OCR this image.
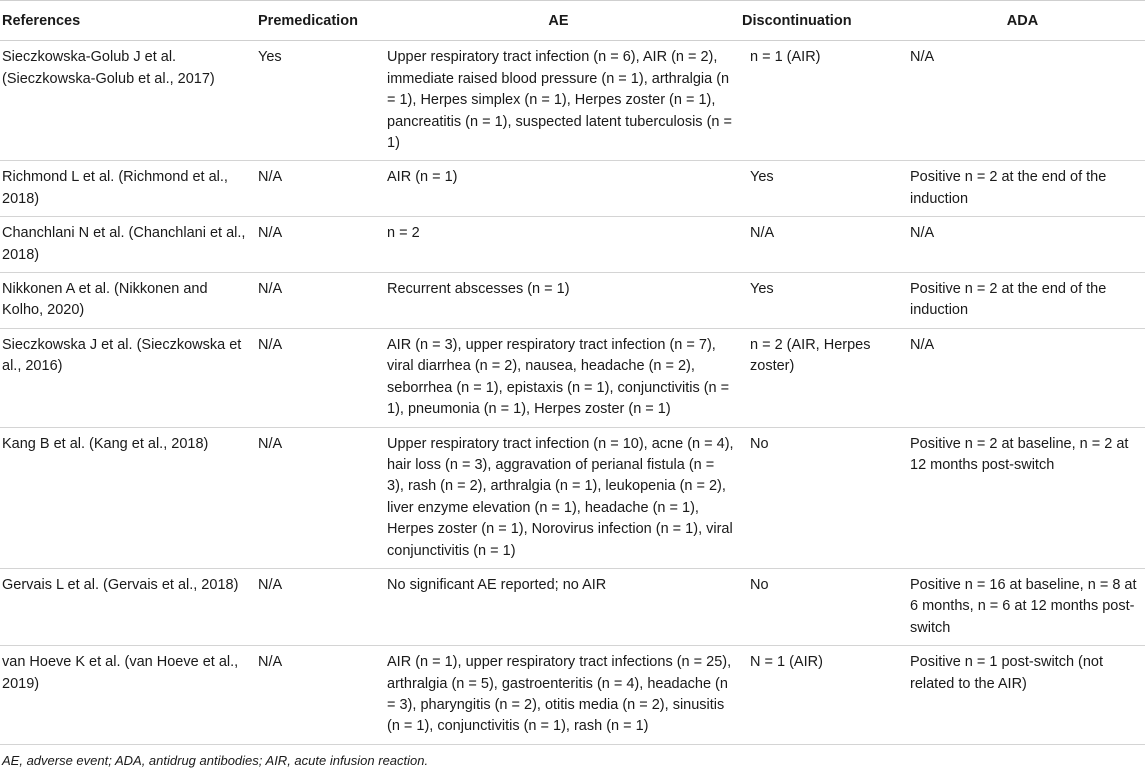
References	Premedication	AE	Discontinuation	ADA
Sieczkowska-Golub J et al. (Sieczkowska-Golub et al., 2017)	Yes	Upper respiratory tract infection (n = 6), AIR (n = 2), immediate raised blood pressure (n = 1), arthralgia (n = 1), Herpes simplex (n = 1), Herpes zoster (n = 1), pancreatitis (n = 1), suspected latent tuberculosis (n = 1)	n = 1 (AIR)	N/A
Richmond L et al. (Richmond et al., 2018)	N/A	AIR (n = 1)	Yes	Positive n = 2 at the end of the induction
Chanchlani N et al. (Chanchlani et al., 2018)	N/A	n = 2	N/A	N/A
Nikkonen A et al. (Nikkonen and Kolho, 2020)	N/A	Recurrent abscesses (n = 1)	Yes	Positive n = 2 at the end of the induction
Sieczkowska J et al. (Sieczkowska et al., 2016)	N/A	AIR (n = 3), upper respiratory tract infection (n = 7), viral diarrhea (n = 2), nausea, headache (n = 2), seborrhea (n = 1), epistaxis (n = 1), conjunctivitis (n = 1), pneumonia (n = 1), Herpes zoster (n = 1)	n = 2 (AIR, Herpes zoster)	N/A
Kang B et al. (Kang et al., 2018)	N/A	Upper respiratory tract infection (n = 10), acne (n = 4), hair loss (n = 3), aggravation of perianal fistula (n = 3), rash (n = 2), arthralgia (n = 1), leukopenia (n = 2), liver enzyme elevation (n = 1), headache (n = 1), Herpes zoster (n = 1), Norovirus infection (n = 1), viral conjunctivitis (n = 1)	No	Positive n = 2 at baseline, n = 2 at 12 months post-switch
Gervais L et al. (Gervais et al., 2018)	N/A	No significant AE reported; no AIR	No	Positive n = 16 at baseline, n = 8 at 6 months, n = 6 at 12 months post-switch
van Hoeve K et al. (van Hoeve et al., 2019)	N/A	AIR (n = 1), upper respiratory tract infections (n = 25), arthralgia (n = 5), gastroenteritis (n = 4), headache (n = 3), pharyngitis (n = 2), otitis media (n = 2), sinusitis (n = 1), conjunctivitis (n = 1), rash (n = 1)	N = 1 (AIR)	Positive n = 1 post-switch (not related to the AIR)
AE, adverse event; ADA, antidrug antibodies; AIR, acute infusion reaction.
